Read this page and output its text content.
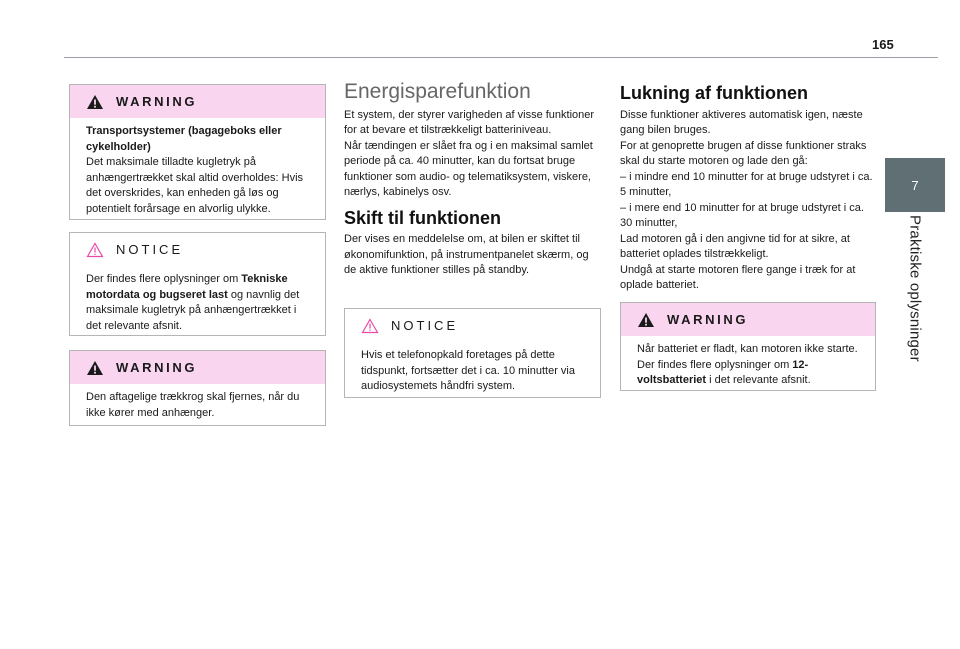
165
7
Praktiske oplysninger
WARNING
Transportsystemer (bagageboks eller cykelholder)
Det maksimale tilladte kugletryk på anhængertrækket skal altid overholdes: Hvis det overskrides, kan enheden gå løs og potentielt forårsage en alvorlig ulykke.
NOTICE
Der findes flere oplysninger om Tekniske motordata og bugseret last og navnlig det maksimale kugletryk på anhængertrækket i det relevante afsnit.
WARNING
Den aftagelige trækkrog skal fjernes, når du ikke kører med anhænger.
Energisparefunktion

Et system, der styrer varigheden af visse funktioner for at bevare et tilstrækkeligt batteriniveau.

Når tændingen er slået fra og i en maksimal samlet periode på ca. 40 minutter, kan du fortsat bruge funktioner som audio- og telematiksystem, viskere, nærlys, kabinelys osv.

Skift til funktionen

Der vises en meddelelse om, at bilen er skiftet til økonomifunktion, på instrumentpanelet skærm, og de aktive funktioner stilles på standby.

NOTICE
Hvis et telefonopkald foretages på dette tidspunkt, fortsætter det i ca. 10 minutter via audiosystemets håndfri system.
Lukning af funktionen

Disse funktioner aktiveres automatisk igen, næste gang bilen bruges.

For at genoprette brugen af disse funktioner straks skal du starte motoren og lade den gå:

– i mindre end 10 minutter for at bruge udstyret i ca. 5 minutter,
– i mere end 10 minutter for at bruge udstyret i ca. 30 minutter,

Lad motoren gå i den angivne tid for at sikre, at batteriet oplades tilstrækkeligt.

Undgå at starte motoren flere gange i træk for at oplade batteriet.

WARNING
Når batteriet er fladt, kan motoren ikke starte.
Der findes flere oplysninger om 12-voltsbatteriet i det relevante afsnit.
